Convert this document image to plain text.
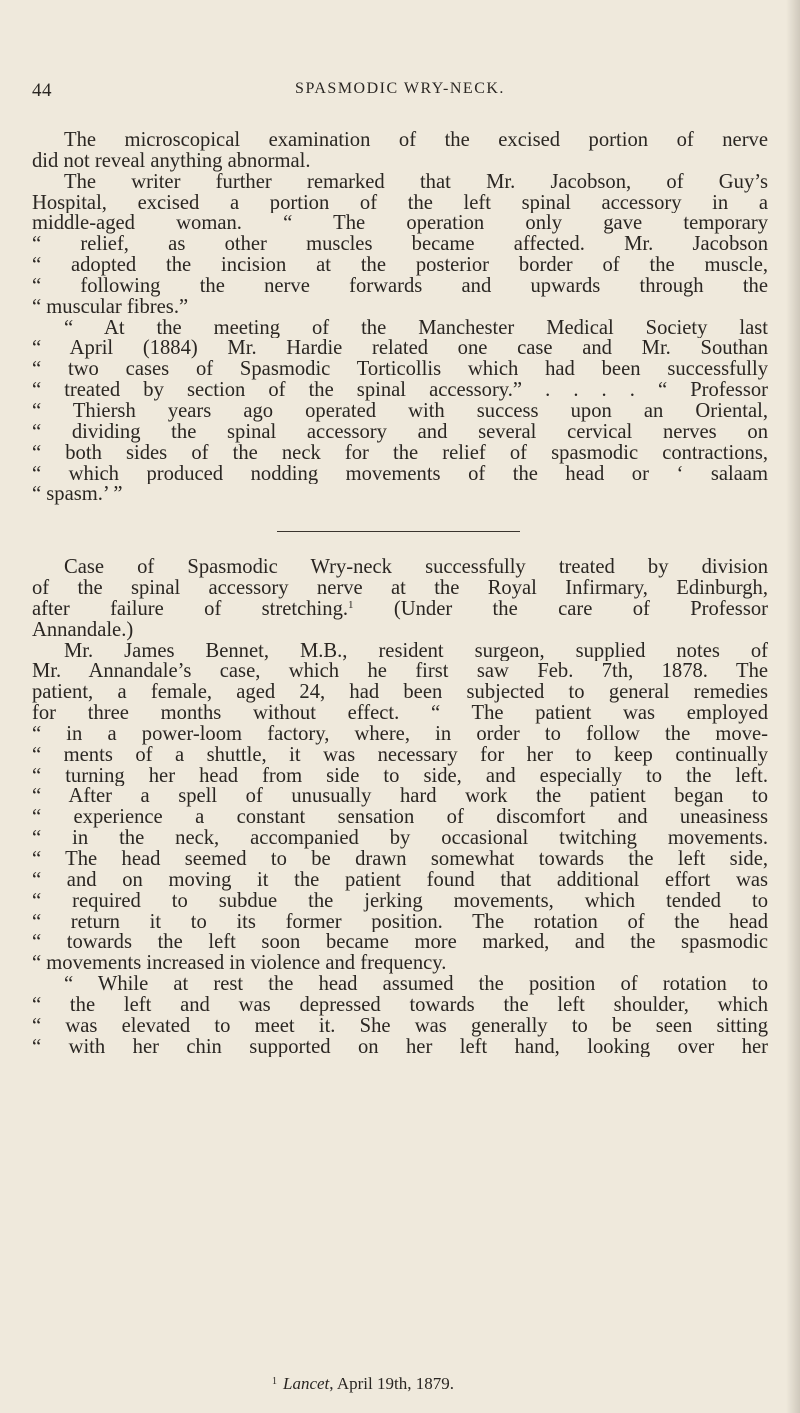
44	SPASMODIC WRY-NECK.
The microscopical examination of the excised portion of nerve
did not reveal anything abnormal.
The writer further remarked that Mr. Jacobson, of Guy’s
Hospital, excised a portion of the left spinal accessory in a
middle-aged woman. “ The operation only gave temporary
“ relief, as other muscles became affected. Mr. Jacobson
“ adopted the incision at the posterior border of the muscle,
“ following the nerve forwards and upwards through the
“ muscular fibres.”
“ At the meeting of the Manchester Medical Society last
“ April (1884) Mr. Hardie related one case and Mr. Southan
“ two cases of Spasmodic Torticollis which had been successfully
“ treated by section of the spinal accessory.” . . . . “ Professor
“ Thiersh years ago operated with success upon an Oriental,
“ dividing the spinal accessory and several cervical nerves on
“ both sides of the neck for the relief of spasmodic contractions,
“ which produced nodding movements of the head or ‘ salaam
“ spasm.’ ”
Case of Spasmodic Wry-neck successfully treated by division
of the spinal accessory nerve at the Royal Infirmary, Edinburgh,
after failure of stretching.$^1$ (Under the care of Professor
Annandale.)
Mr. James Bennet, M.B., resident surgeon, supplied notes of
Mr. Annandale’s case, which he first saw Feb. 7th, 1878. The
patient, a female, aged 24, had been subjected to general remedies
for three months without effect. “ The patient was employed
“ in a power-loom factory, where, in order to follow the move-
“ ments of a shuttle, it was necessary for her to keep continually
“ turning her head from side to side, and especially to the left.
“ After a spell of unusually hard work the patient began to
“ experience a constant sensation of discomfort and uneasiness
“ in the neck, accompanied by occasional twitching movements.
“ The head seemed to be drawn somewhat towards the left side,
“ and on moving it the patient found that additional effort was
“ required to subdue the jerking movements, which tended to
“ return it to its former position. The rotation of the head
“ towards the left soon became more marked, and the spasmodic
“ movements increased in violence and frequency.
“ While at rest the head assumed the position of rotation to
“ the left and was depressed towards the left shoulder, which
“ was elevated to meet it. She was generally to be seen sitting
“ with her chin supported on her left hand, looking over her
$^1$ Lancet, April 19th, 1879.
